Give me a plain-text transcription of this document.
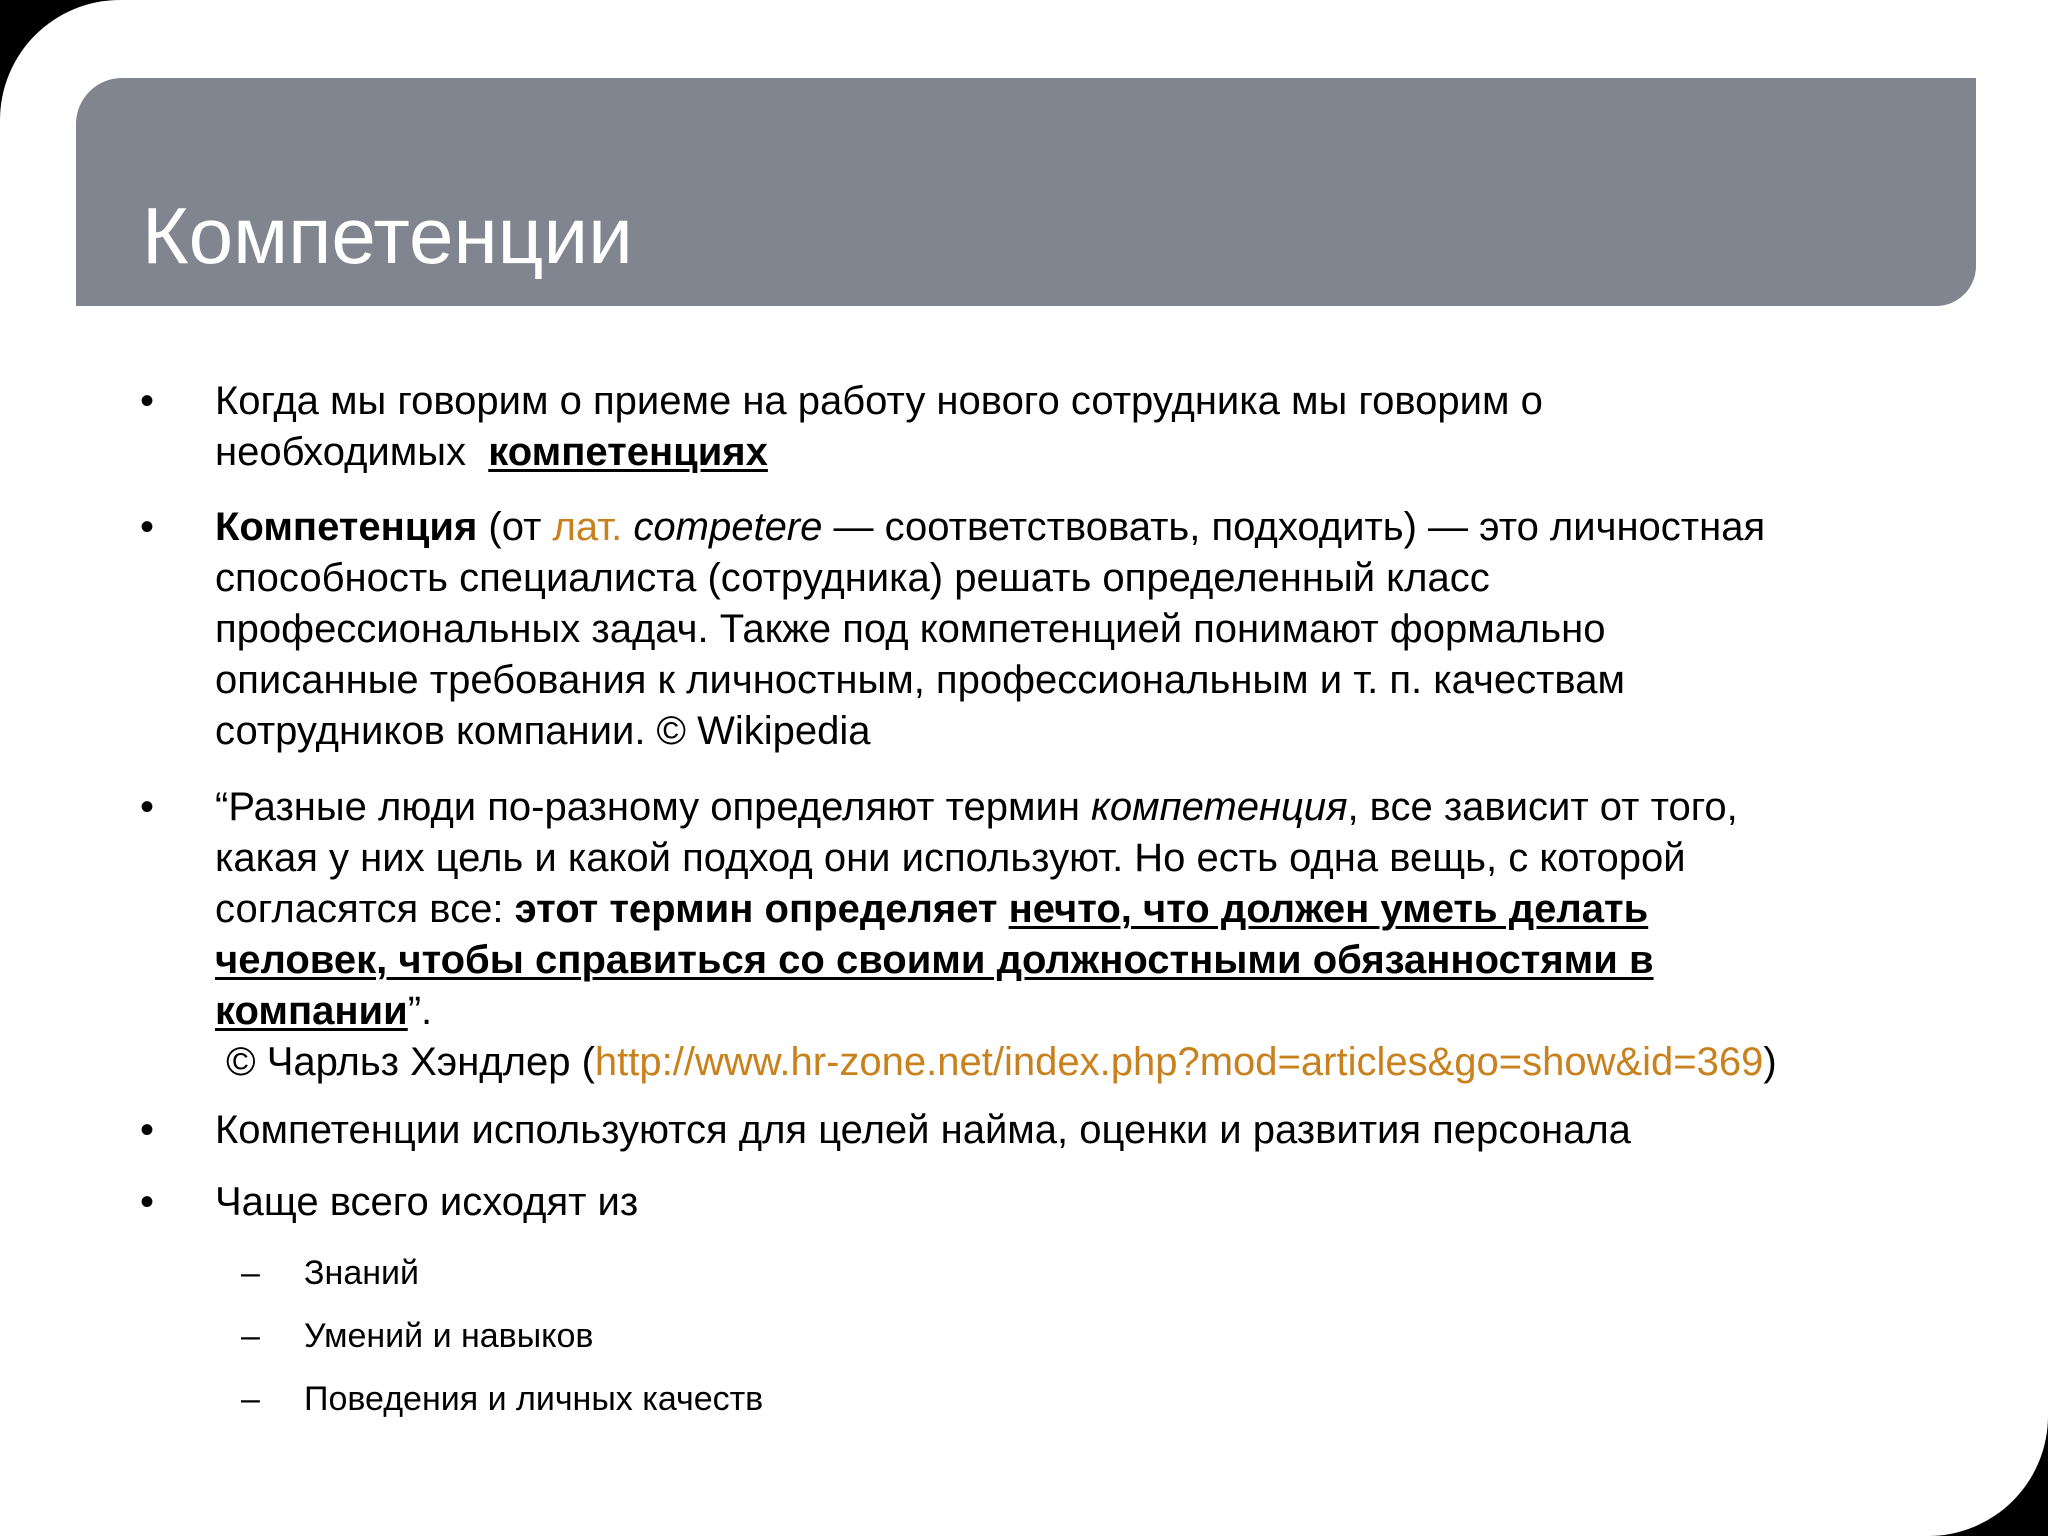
Компетенции
• Когда мы говорим о приеме на работу нового сотрудника мы говорим о
необходимых  компетенциях
• Компетенция (от лат. competere — соответствовать, подходить) — это личностная
способность специалиста (сотрудника) решать определенный класс
профессиональных задач. Также под компетенцией понимают формально
описанные требования к личностным, профессиональным и т. п. качествам
сотрудников компании. © Wikipedia
• “Разные люди по-разному определяют термин компетенция, все зависит от того,
какая у них цель и какой подход они используют. Но есть одна вещь, с которой
согласятся все: этот термин определяет нечто, что должен уметь делать
человек, чтобы справиться со своими должностными обязанностями в
компании”.
© Чарльз Хэндлер (http://www.hr-zone.net/index.php?mod=articles&go=show&id=369)
• Компетенции используются для целей найма, оценки и развития персонала
• Чаще всего исходят из
– Знаний
– Умений и навыков
– Поведения и личных качеств
